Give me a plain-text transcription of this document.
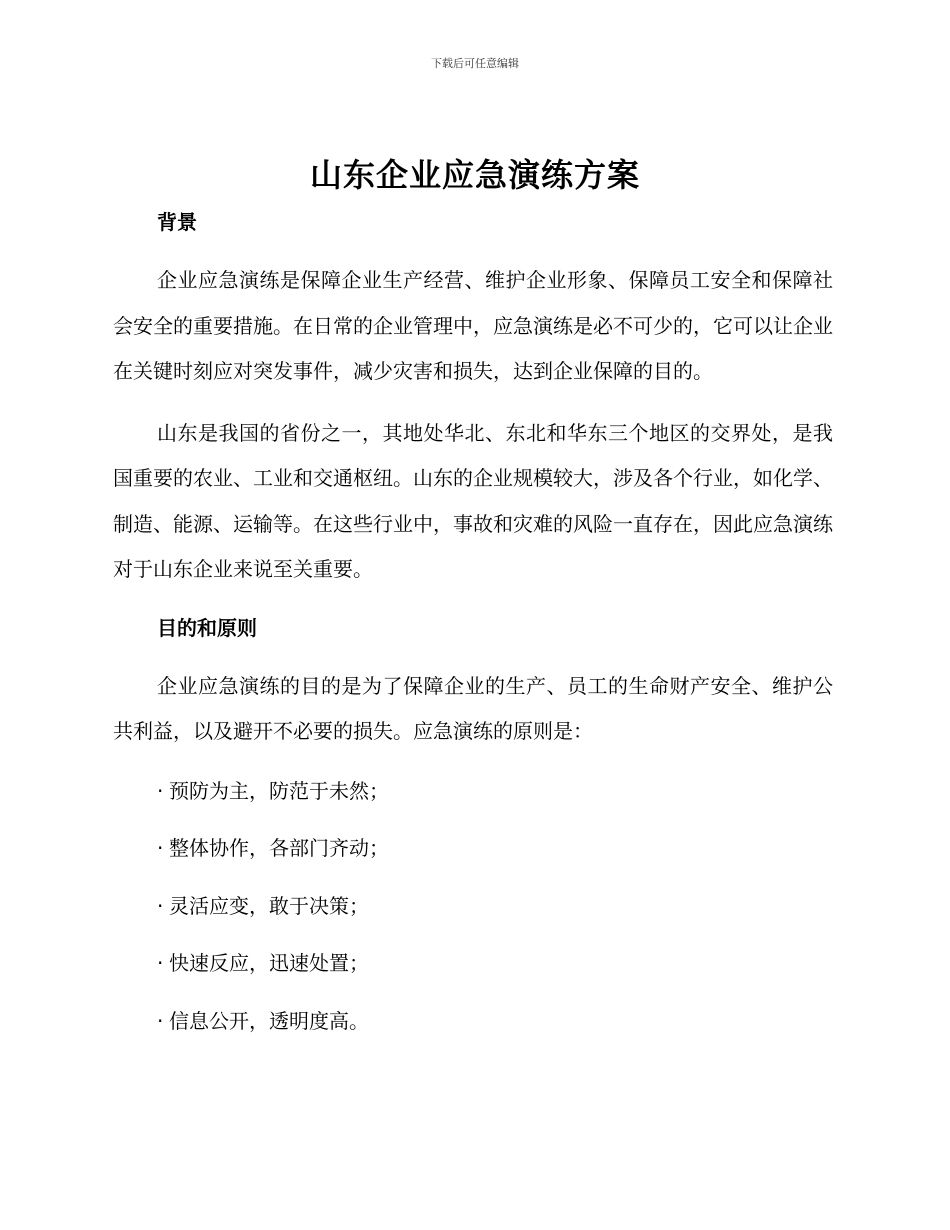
下载后可任意编辑
山东企业应急演练方案
背景

企业应急演练是保障企业生产经营、维护企业形象、保障员工安全和保障社会安全的重要措施。在日常的企业管理中，应急演练是必不可少的，它可以让企业在关键时刻应对突发事件，减少灾害和损失，达到企业保障的目的。

山东是我国的省份之一，其地处华北、东北和华东三个地区的交界处，是我国重要的农业、工业和交通枢纽。山东的企业规模较大，涉及各个行业，如化学、制造、能源、运输等。在这些行业中，事故和灾难的风险一直存在，因此应急演练对于山东企业来说至关重要。

目的和原则

企业应急演练的目的是为了保障企业的生产、员工的生命财产安全、维护公共利益，以及避开不必要的损失。应急演练的原则是：

· 预防为主，防范于未然；
· 整体协作，各部门齐动；
· 灵活应变，敢于决策；
· 快速反应，迅速处置；
· 信息公开，透明度高。
